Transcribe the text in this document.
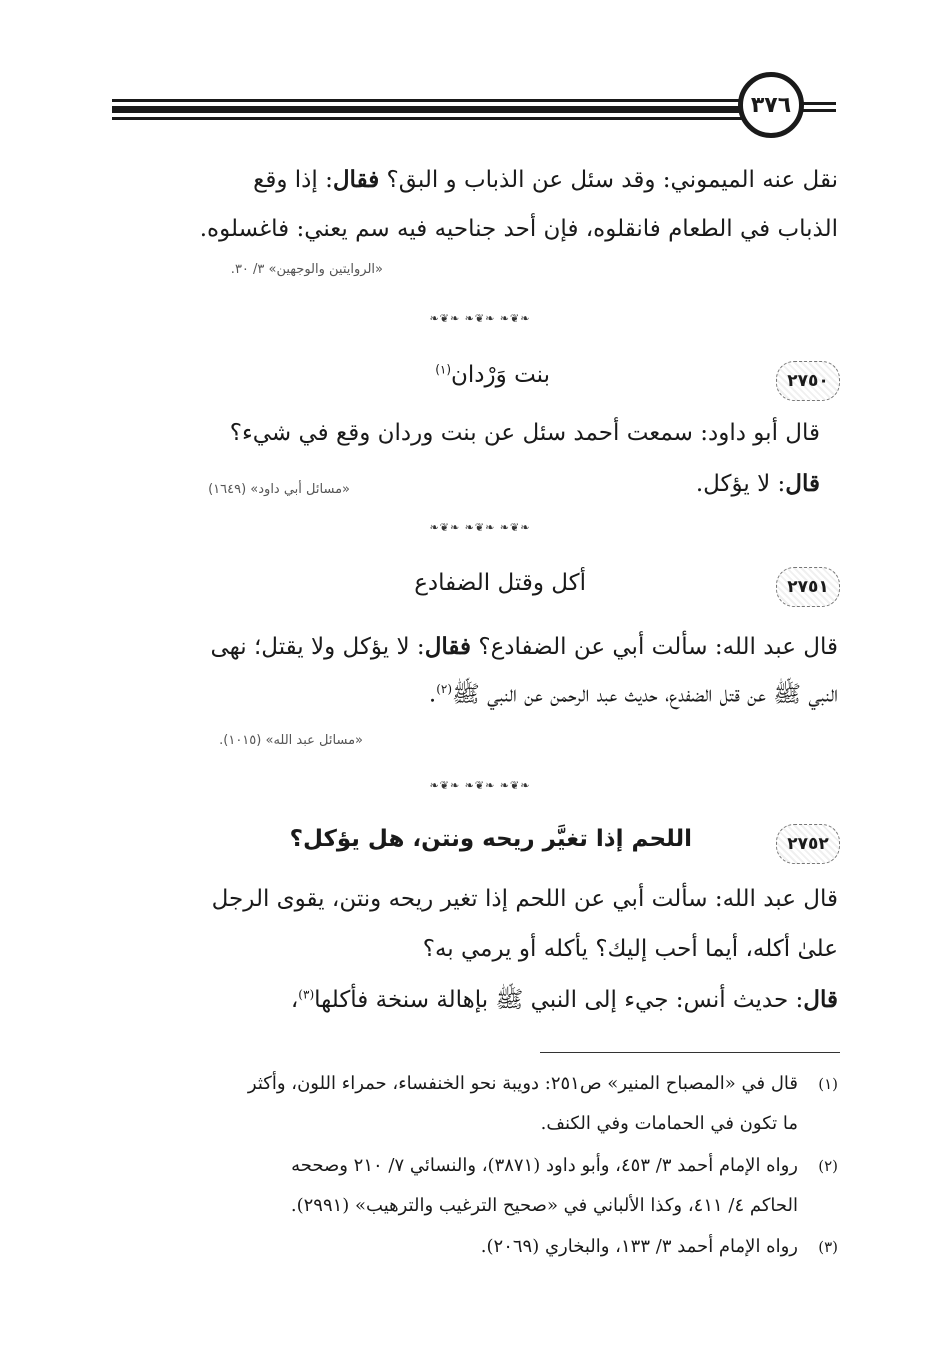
٣٧٦
نقل عنه الميموني: وقد سئل عن الذباب و البق؟ فقال: إذا وقع
الذباب في الطعام فانقلوه، فإن أحد جناحيه فيه سم يعني: فاغسلوه.
«الروايتين والوجهين» ٣/ ٣٠.
❧❦❧ ❧❦❧ ❧❦❧
٢٧٥٠
بنت وَرْدان$^{(١)}$
قال أبو داود: سمعت أحمد سئل عن بنت وردان وقع في شيء؟
قال: لا يؤكل.
«مسائل أبي داود» (١٦٤٩)
❧❦❧ ❧❦❧ ❧❦❧
٢٧٥١
أكل وقتل الضفادع
قال عبد الله: سألت أبي عن الضفادع؟ فقال: لا يؤكل ولا يقتل؛ نهى
النبي ﷺ عن قتل الضفدع، حديث عبد الرحمن عن النبي ﷺ$^{(٢)}$.
«مسائل عبد الله» (١٠١٥).
❧❦❧ ❧❦❧ ❧❦❧
٢٧٥٢
اللحم إذا تغيَّر ريحه ونتن، هل يؤكل؟
قال عبد الله: سألت أبي عن اللحم إذا تغير ريحه ونتن، يقوى الرجل
علىٰ أكله، أيما أحب إليك؟ يأكله أو يرمي به؟
قال: حديث أنس: جيء إلى النبي ﷺ بإهالة سنخة فأكلها$^{(٣)}$،
(١)
قال في «المصباح المنير» ص٢٥١: دويبة نحو الخنفساء، حمراء اللون، وأكثر
ما تكون في الحمامات وفي الكنف.
(٢)
رواه الإمام أحمد ٣/ ٤٥٣، وأبو داود (٣٨٧١)، والنسائي ٧/ ٢١٠ وصححه
الحاكم ٤/ ٤١١، وكذا الألباني في «صحيح الترغيب والترهيب» (٢٩٩١).
(٣)
رواه الإمام أحمد ٣/ ١٣٣، والبخاري (٢٠٦٩).
